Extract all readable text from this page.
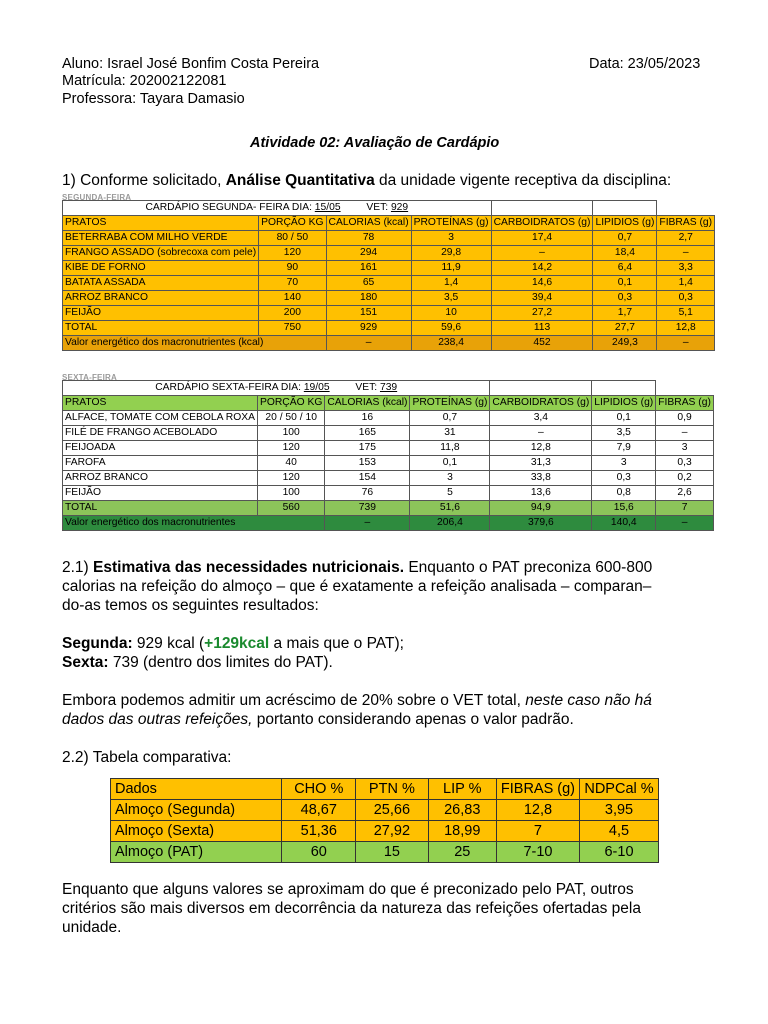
Aluno: Israel José Bonfim Costa Pereira	Data: 23/05/2023
Matrícula: 202002122081
Professora: Tayara Damasio
Atividade 02: Avaliação de Cardápio
1) Conforme solicitado, Análise Quantitativa da unidade vigente receptiva da disciplina:
SEGUNDA-FEIRA
CARDÁPIO SEGUNDA- FEIRA DIA: 15/05 VET: 929						
PRATOS	PORÇÃO KG	CALORIAS (kcal)	PROTEÍNAS (g)	CARBOIDRATOS (g)	LIPIDIOS (g)	FIBRAS (g)
BETERRABA COM MILHO VERDE	80 / 50	78	3	17,4	0,7	2,7
FRANGO ASSADO (sobrecoxa com pele)	120	294	29,8	–	18,4	–
KIBE DE FORNO	90	161	11,9	14,2	6,4	3,3
BATATA ASSADA	70	65	1,4	14,6	0,1	1,4
ARROZ BRANCO	140	180	3,5	39,4	0,3	0,3
FEIJÃO	200	151	10	27,2	1,7	5,1
TOTAL	750	929	59,6	113	27,7	12,8
Valor energético dos macronutrientes (kcal)		–	238,4	452	249,3	–
SEXTA-FEIRA
CARDÁPIO SEXTA-FEIRA DIA: 19/05 VET: 739						
PRATOS	PORÇÃO KG	CALORIAS (kcal)	PROTEÍNAS (g)	CARBOIDRATOS (g)	LIPIDIOS (g)	FIBRAS (g)
ALFACE, TOMATE COM CEBOLA ROXA	20 / 50 / 10	16	0,7	3,4	0,1	0,9
FILÉ DE FRANGO ACEBOLADO	100	165	31	–	3,5	–
FEIJOADA	120	175	11,8	12,8	7,9	3
FAROFA	40	153	0,1	31,3	3	0,3
ARROZ BRANCO	120	154	3	33,8	0,3	0,2
FEIJÃO	100	76	5	13,6	0,8	2,6
TOTAL	560	739	51,6	94,9	15,6	7
Valor energético dos macronutrientes		–	206,4	379,6	140,4	–
2.1) Estimativa das necessidades nutricionais. Enquanto o PAT preconiza 600-800
calorias na refeição do almoço – que é exatamente a refeição analisada – comparan–
do-as temos os seguintes resultados:
Segunda: 929 kcal (+129kcal a mais que o PAT);
Sexta: 739 (dentro dos limites do PAT).
Embora podemos admitir um acréscimo de 20% sobre o VET total, neste caso não há
dados das outras refeições, portanto considerando apenas o valor padrão.
2.2) Tabela comparativa:
Dados	CHO %	PTN %	LIP %	FIBRAS (g)	NDPCal %
Almoço (Segunda)	48,67	25,66	26,83	12,8	3,95
Almoço (Sexta)	51,36	27,92	18,99	7	4,5
Almoço (PAT)	60	15	25	7-10	6-10
Enquanto que alguns valores se aproximam do que é preconizado pelo PAT, outros
critérios são mais diversos em decorrência da natureza das refeições ofertadas pela
unidade.
